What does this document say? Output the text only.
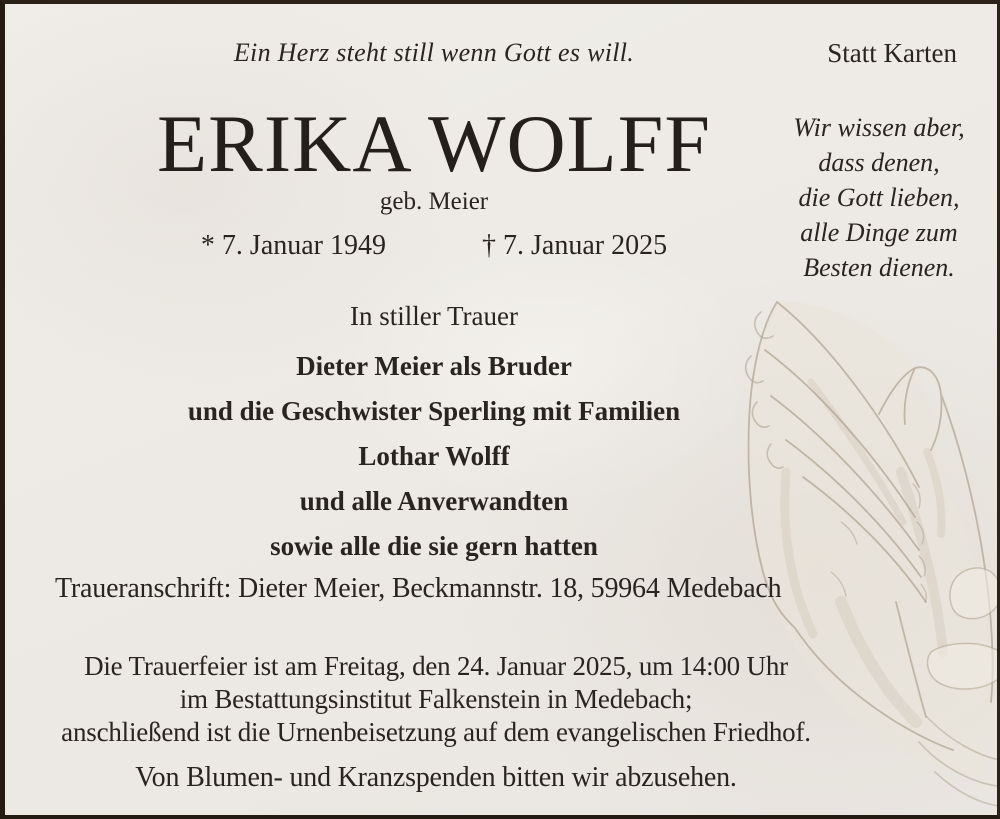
Ein Herz steht still wenn Gott es will.	Statt Karten
ERIKA WOLFF
geb. Meier
* 7. Januar 1949	† 7. Januar 2025
Wir wissen aber,
dass denen,
die Gott lieben,
alle Dinge zum
Besten dienen.
In stiller Trauer
Dieter Meier als Bruder
und die Geschwister Sperling mit Familien
Lothar Wolff
und alle Anverwandten
sowie alle die sie gern hatten
Traueranschrift: Dieter Meier, Beckmannstr. 18, 59964 Medebach
Die Trauerfeier ist am Freitag, den 24. Januar 2025, um 14:00 Uhr
im Bestattungsinstitut Falkenstein in Medebach;
anschließend ist die Urnenbeisetzung auf dem evangelischen Friedhof.
Von Blumen- und Kranzspenden bitten wir abzusehen.
